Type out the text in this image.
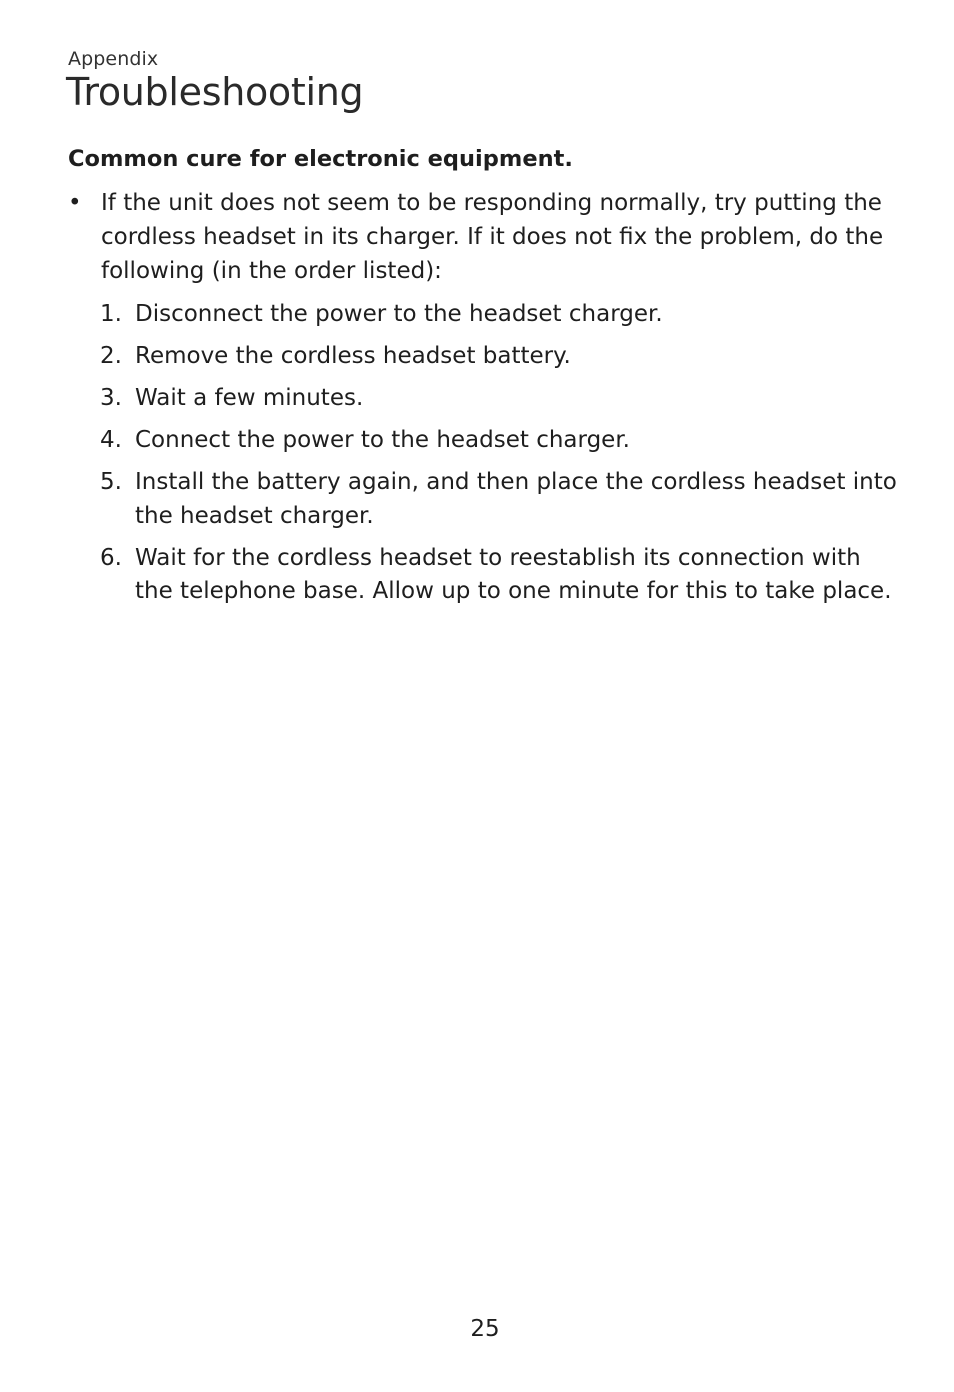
Appendix
Troubleshooting
Common cure for electronic equipment.
• If the unit does not seem to be responding normally, try putting the cordless headset in its charger. If it does not fix the problem, do the following (in the order listed):
1. Disconnect the power to the headset charger.
2. Remove the cordless headset battery.
3. Wait a few minutes.
4. Connect the power to the headset charger.
5. Install the battery again, and then place the cordless headset into the headset charger.
6. Wait for the cordless headset to reestablish its connection with the telephone base. Allow up to one minute for this to take place.
25
